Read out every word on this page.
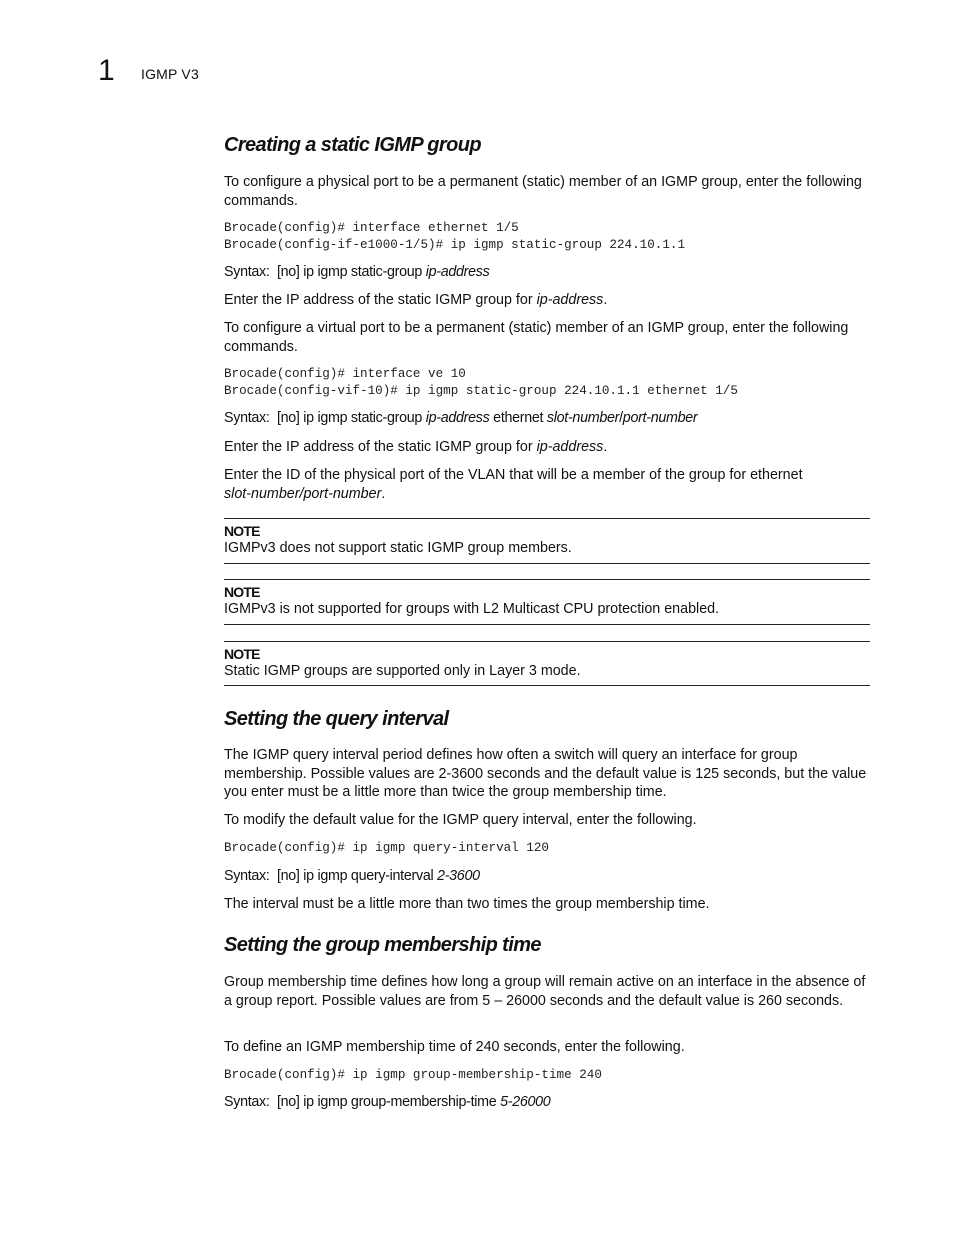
1 IGMP V3
Creating a static IGMP group

To configure a physical port to be a permanent (static) member of an IGMP group, enter the following commands.

Brocade(config)# interface ethernet 1/5
Brocade(config-if-e1000-1/5)# ip igmp static-group 224.10.1.1
Syntax: [no] ip igmp static-group ip-address

Enter the IP address of the static IGMP group for ip-address.

To configure a virtual port to be a permanent (static) member of an IGMP group, enter the following commands.

Brocade(config)# interface ve 10
Brocade(config-vif-10)# ip igmp static-group 224.10.1.1 ethernet 1/5
Syntax: [no] ip igmp static-group ip-address ethernet slot-number/port-number

Enter the IP address of the static IGMP group for ip-address.

Enter the ID of the physical port of the VLAN that will be a member of the group for ethernet
slot-number/port-number.

NOTE
IGMPv3 does not support static IGMP group members.
NOTE
IGMPv3 is not supported for groups with L2 Multicast CPU protection enabled.
NOTE
Static IGMP groups are supported only in Layer 3 mode.
Setting the query interval

The IGMP query interval period defines how often a switch will query an interface for group membership. Possible values are 2-3600 seconds and the default value is 125 seconds, but the value you enter must be a little more than twice the group membership time.

To modify the default value for the IGMP query interval, enter the following.

Brocade(config)# ip igmp query-interval 120
Syntax: [no] ip igmp query-interval 2-3600

The interval must be a little more than two times the group membership time.

Setting the group membership time

Group membership time defines how long a group will remain active on an interface in the absence of a group report. Possible values are from 5 – 26000 seconds and the default value is 260 seconds.

To define an IGMP membership time of 240 seconds, enter the following.

Brocade(config)# ip igmp group-membership-time 240
Syntax: [no] ip igmp group-membership-time 5-26000
